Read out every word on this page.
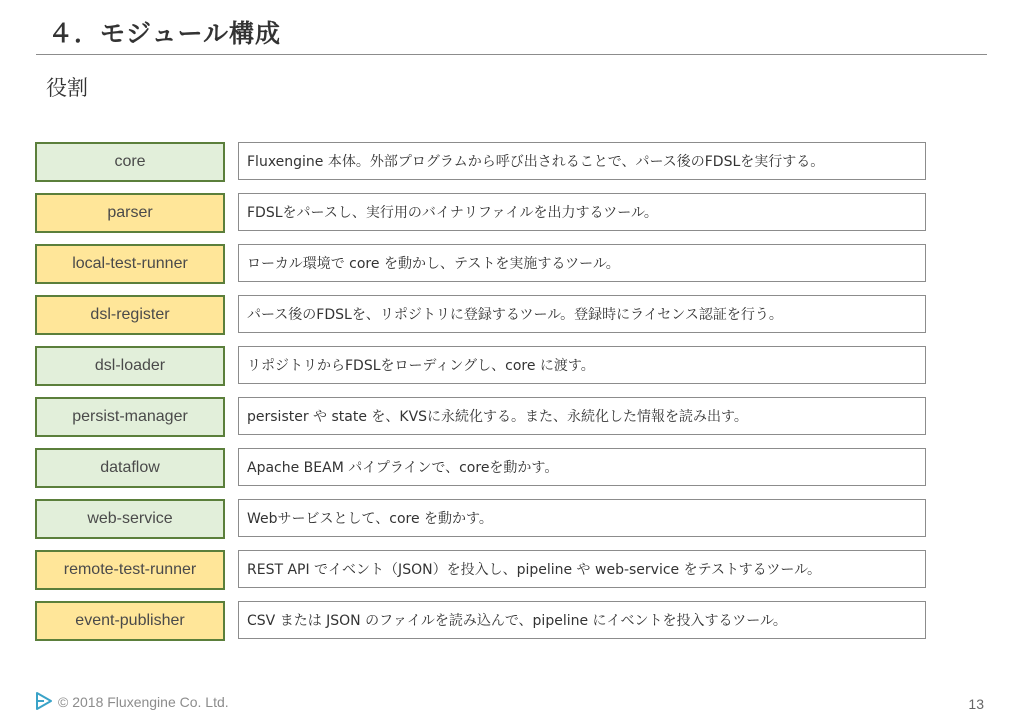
４．モジュール構成
役割
core	Fluxengine 本体。外部プログラムから呼び出されることで、パース後のFDSLを実行する。
parser	FDSLをパースし、実行用のバイナリファイルを出力するツール。
local-test-runner	ローカル環境で core を動かし、テストを実施するツール。
dsl-register	パース後のFDSLを、リポジトリに登録するツール。登録時にライセンス認証を行う。
dsl-loader	リポジトリからFDSLをローディングし、core に渡す。
persist-manager	persister や state を、KVSに永続化する。また、永続化した情報を読み出す。
dataflow	Apache BEAM パイプラインで、coreを動かす。
web-service	Webサービスとして、core を動かす。
remote-test-runner	REST API でイベント（JSON）を投入し、pipeline や web-service をテストするツール。
event-publisher	CSV または JSON のファイルを読み込んで、pipeline にイベントを投入するツール。
© 2018 Fluxengine Co. Ltd.	13
